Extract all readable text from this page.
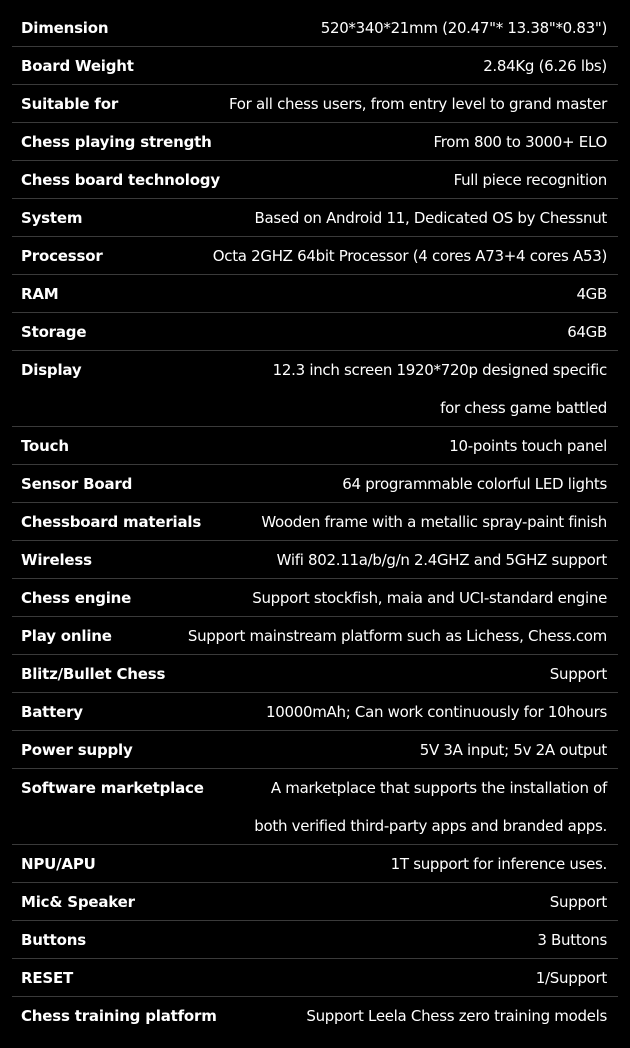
Dimension	520*340*21mm (20.47"* 13.38"*0.83")
Board Weight	2.84Kg (6.26 lbs)
Suitable for	For all chess users, from entry level to grand master
Chess playing strength	From 800 to 3000+ ELO
Chess board technology	Full piece recognition
System	Based on Android 11, Dedicated OS by Chessnut
Processor	Octa 2GHZ 64bit Processor (4 cores A73+4 cores A53)
RAM	4GB
Storage	64GB
Display	12.3 inch screen 1920*720p designed specific
for chess game battled
Touch	10-points touch panel
Sensor Board	64 programmable colorful LED lights
Chessboard materials	Wooden frame with a metallic spray-paint finish
Wireless	Wifi 802.11a/b/g/n 2.4GHZ and 5GHZ support
Chess engine	Support stockfish, maia and UCI-standard engine
Play online	Support mainstream platform such as Lichess, Chess.com
Blitz/Bullet Chess	Support
Battery	10000mAh; Can work continuously for 10hours
Power supply	5V 3A input; 5v 2A output
Software marketplace	A marketplace that supports the installation of
both verified third-party apps and branded apps.
NPU/APU	1T support for inference uses.
Mic& Speaker	Support
Buttons	3 Buttons
RESET	1/Support
Chess training platform	Support Leela Chess zero training models
